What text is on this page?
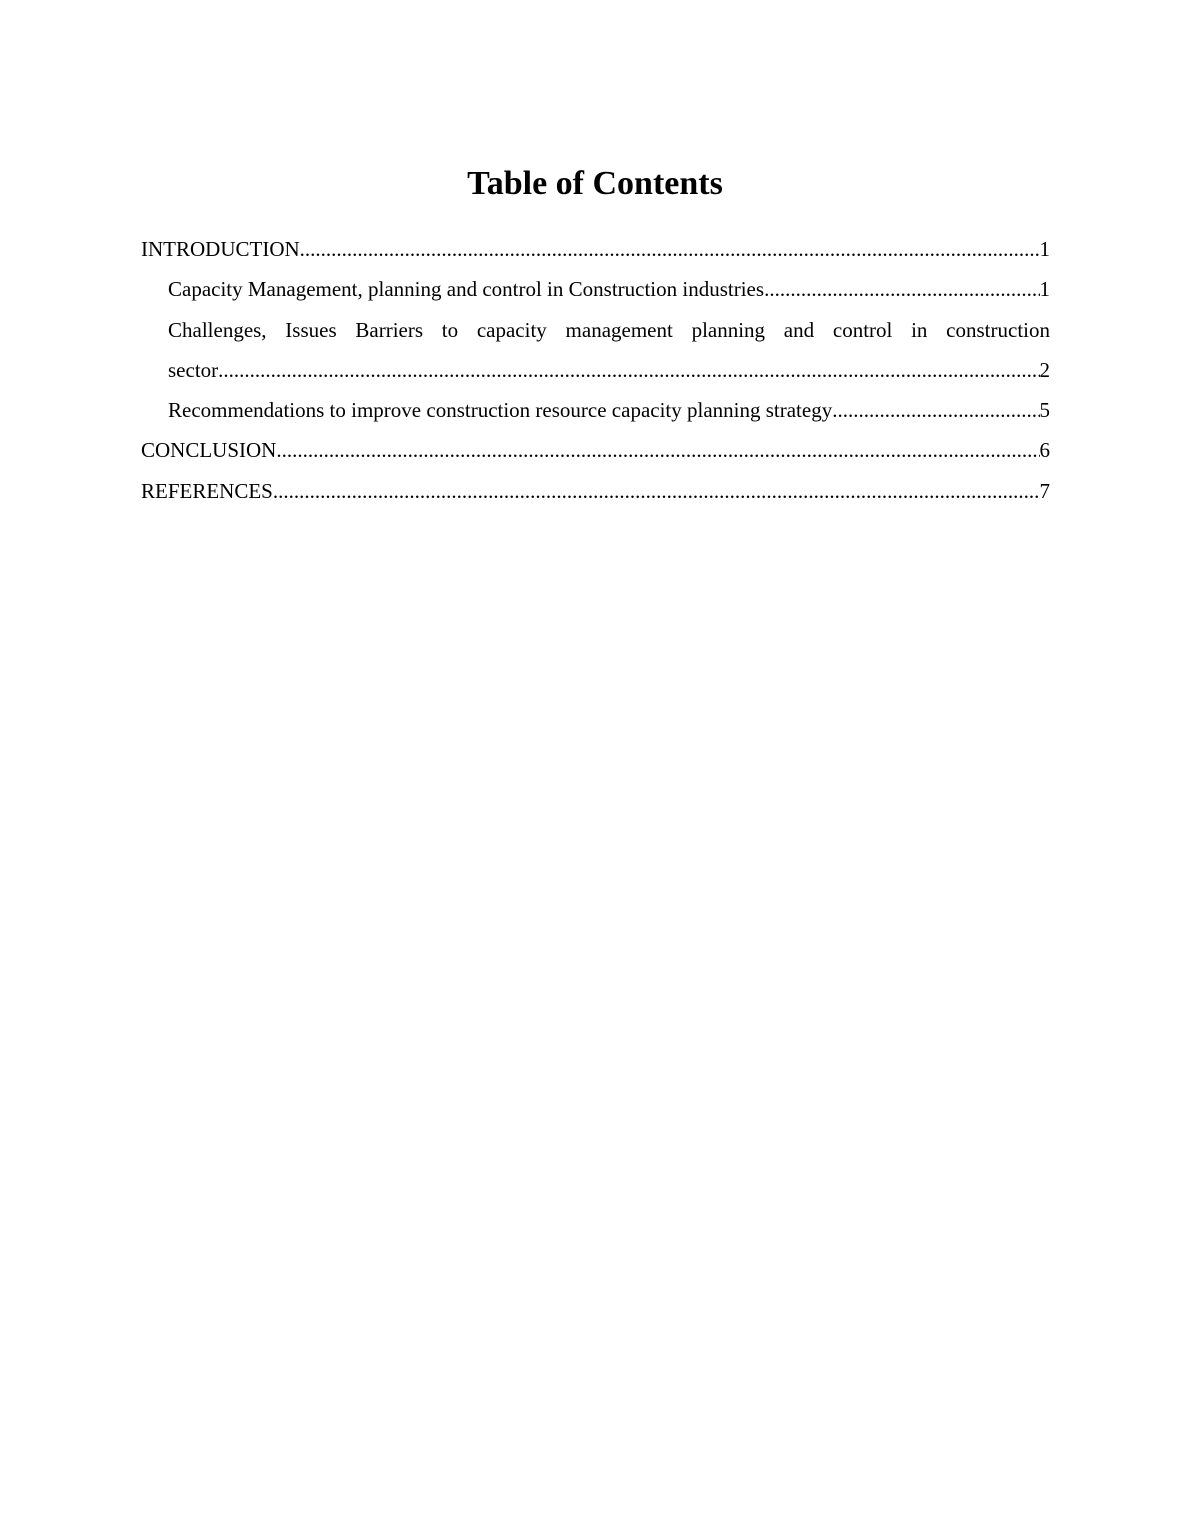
Table of Contents
INTRODUCTION .....	1
Capacity Management, planning and control in Construction industries .....	1
Challenges, Issues Barriers to capacity management planning and control in construction
sector .....	2
Recommendations to improve construction resource capacity planning strategy .....	5
CONCLUSION .....	6
REFERENCES .....	7
